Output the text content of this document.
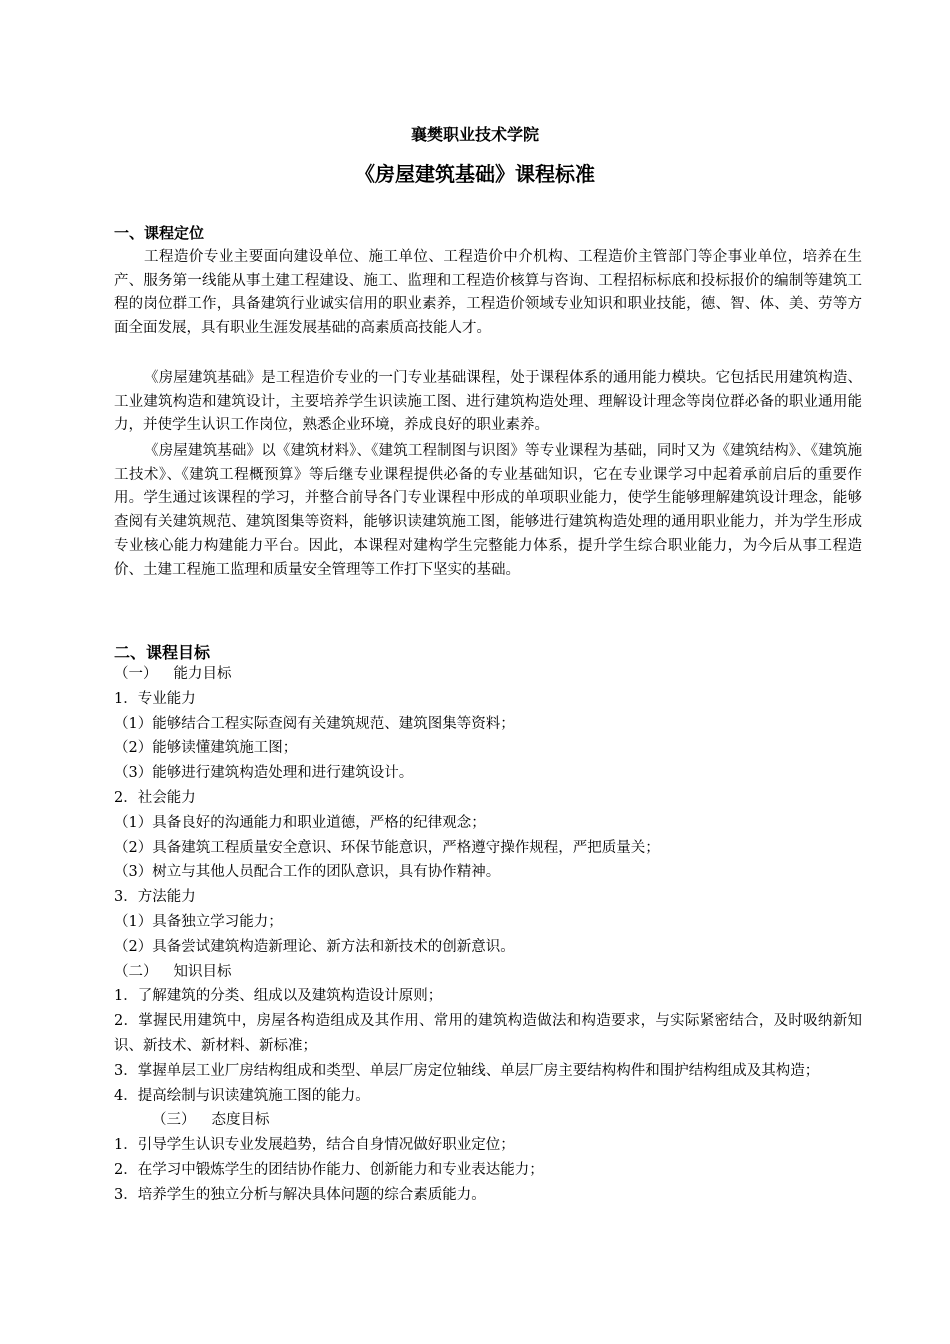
襄樊职业技术学院
《房屋建筑基础》课程标准
一、课程定位
工程造价专业主要面向建设单位、施工单位、工程造价中介机构、工程造价主管部门等企事业单位，培养在生产、服务第一线能从事土建工程建设、施工、监理和工程造价核算与咨询、工程招标标底和投标报价的编制等建筑工程的岗位群工作，具备建筑行业诚实信用的职业素养，工程造价领域专业知识和职业技能，德、智、体、美、劳等方面全面发展，具有职业生涯发展基础的高素质高技能人才。
《房屋建筑基础》是工程造价专业的一门专业基础课程，处于课程体系的通用能力模块。它包括民用建筑构造、工业建筑构造和建筑设计，主要培养学生识读施工图、进行建筑构造处理、理解设计理念等岗位群必备的职业通用能力，并使学生认识工作岗位，熟悉企业环境，养成良好的职业素养。
《房屋建筑基础》以《建筑材料》、《建筑工程制图与识图》等专业课程为基础，同时又为《建筑结构》、《建筑施工技术》、《建筑工程概预算》等后继专业课程提供必备的专业基础知识，它在专业课学习中起着承前启后的重要作用。学生通过该课程的学习，并整合前导各门专业课程中形成的单项职业能力，使学生能够理解建筑设计理念，能够查阅有关建筑规范、建筑图集等资料，能够识读建筑施工图，能够进行建筑构造处理的通用职业能力，并为学生形成专业核心能力构建能力平台。因此，本课程对建构学生完整能力体系，提升学生综合职业能力，为今后从事工程造价、土建工程施工监理和质量安全管理等工作打下坚实的基础。
二、课程目标
（一） 能力目标
1．专业能力
（1）能够结合工程实际查阅有关建筑规范、建筑图集等资料；
（2）能够读懂建筑施工图；
（3）能够进行建筑构造处理和进行建筑设计。
2．社会能力
（1）具备良好的沟通能力和职业道德，严格的纪律观念；
（2）具备建筑工程质量安全意识、环保节能意识，严格遵守操作规程，严把质量关；
（3）树立与其他人员配合工作的团队意识，具有协作精神。
3．方法能力
（1）具备独立学习能力；
（2）具备尝试建筑构造新理论、新方法和新技术的创新意识。
（二） 知识目标
1．了解建筑的分类、组成以及建筑构造设计原则；
2．掌握民用建筑中，房屋各构造组成及其作用、常用的建筑构造做法和构造要求，与实际紧密结合，及时吸纳新知识、新技术、新材料、新标准；
3．掌握单层工业厂房结构组成和类型、单层厂房定位轴线、单层厂房主要结构构件和围护结构组成及其构造；
4．提高绘制与识读建筑施工图的能力。
（三） 态度目标
1．引导学生认识专业发展趋势，结合自身情况做好职业定位；
2．在学习中锻炼学生的团结协作能力、创新能力和专业表达能力；
3．培养学生的独立分析与解决具体问题的综合素质能力。
